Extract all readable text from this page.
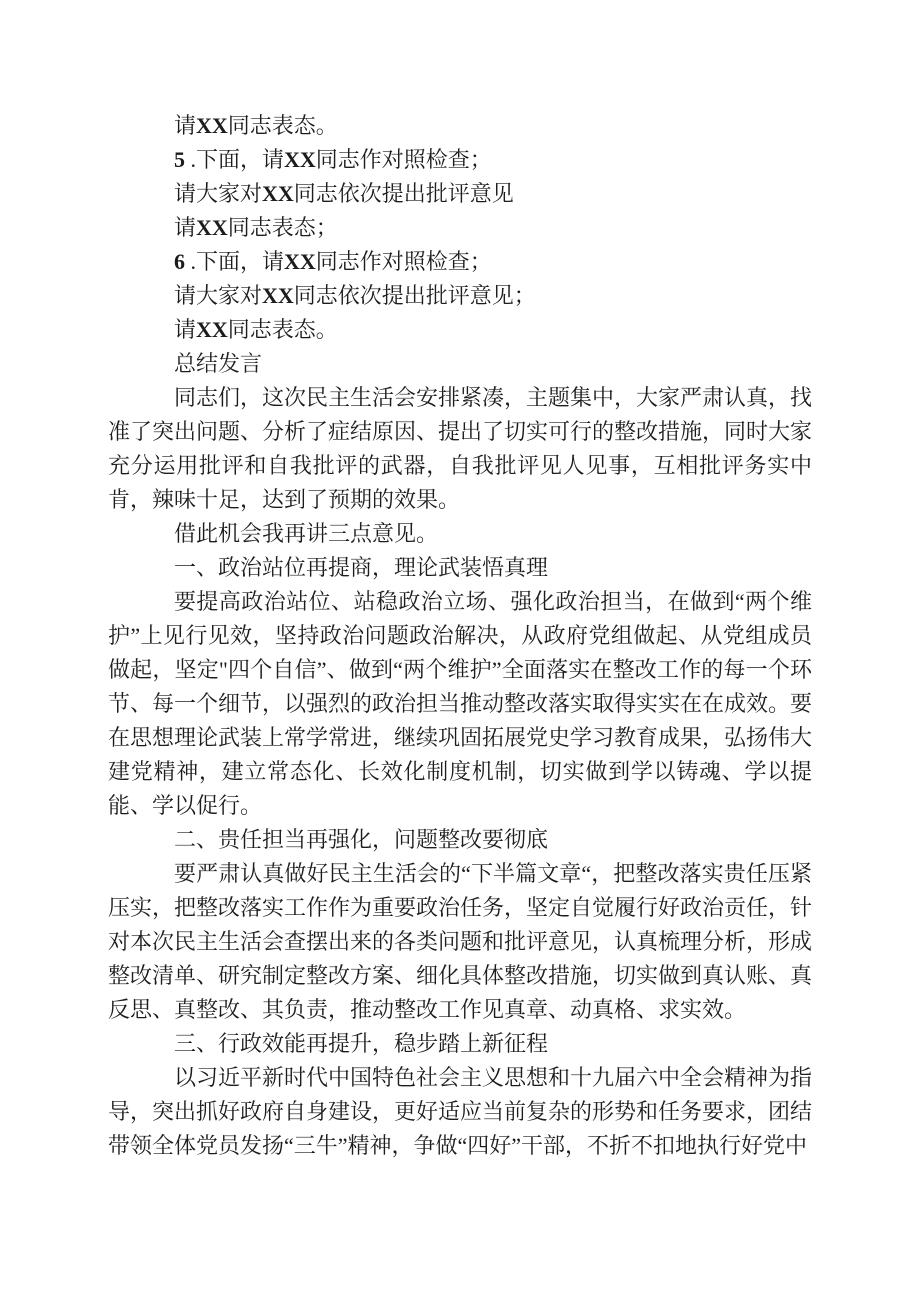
请XX同志表态。

5 .下面，请XX同志作对照检查；

请大家对XX同志依次提出批评意见

请XX同志表态；

6 .下面，请XX同志作对照检查；

请大家对XX同志依次提出批评意见；

请XX同志表态。

总结发言

同志们，这次民主生活会安排紧凑，主题集中，大家严肃认真，找准了突出问题、分析了症结原因、提出了切实可行的整改措施，同时大家充分运用批评和自我批评的武器，自我批评见人见事，互相批评务实中肯，辣味十足，达到了预期的效果。

借此机会我再讲三点意见。

一、政治站位再提商，理论武装悟真理

要提高政治站位、站稳政治立场、强化政治担当，在做到“两个维护”上见行见效，坚持政治问题政治解决，从政府党组做起、从党组成员做起，坚定"四个自信”、做到“两个维护”全面落实在整改工作的每一个环节、每一个细节，以强烈的政治担当推动整改落实取得实实在在成效。要在思想理论武装上常学常进，继续巩固拓展党史学习教育成果，弘扬伟大建党精神，建立常态化、长效化制度机制，切实做到学以铸魂、学以提能、学以促行。

二、贵任担当再强化，问题整改要彻底

要严肃认真做好民主生活会的“下半篇文章“，把整改落实贵任压紧压实，把整改落实工作作为重要政治任务，坚定自觉履行好政治贡任，针对本次民主生活会查摆出来的各类问题和批评意见，认真梳理分析，形成整改清单、研究制定整改方案、细化具体整改措施，切实做到真认账、真反思、真整改、其负责，推动整改工作见真章、动真格、求实效。

三、行政效能再提升，稳步踏上新征程

以习近平新时代中国特色社会主义思想和十九届六中全会精神为指导，突出抓好政府自身建设，更好适应当前复杂的形势和任务要求，团结带领全体党员发扬“三牛”精神，争做“四好”干部，不折不扣地执行好党中
